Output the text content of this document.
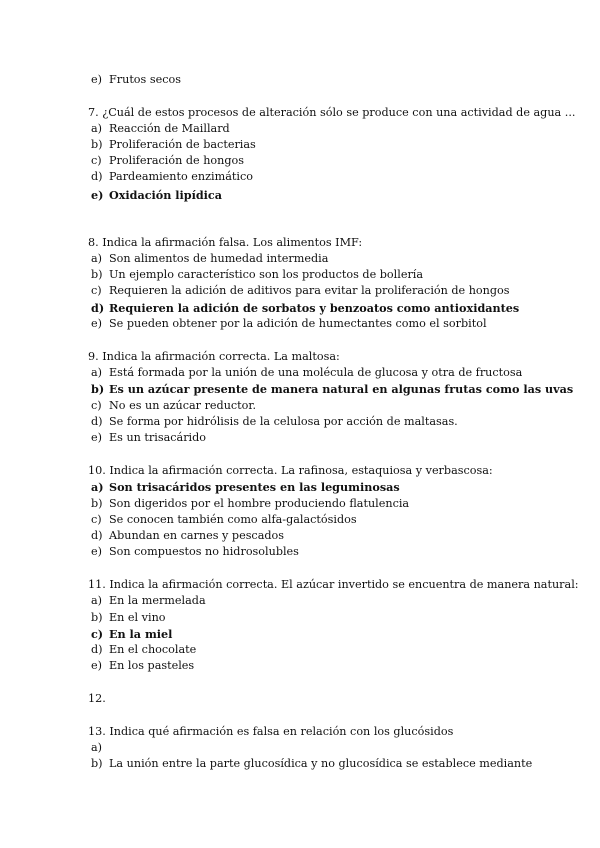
e) Frutos secos
7. ¿Cuál de estos procesos de alteración sólo se produce con una actividad de agua ...
a) Reacción de Maillard
b) Proliferación de bacterias
c) Proliferación de hongos
d) Pardeamiento enzimático
e) Oxidación lipídica
8. Indica la afirmación falsa. Los alimentos IMF:
a) Son alimentos de humedad intermedia
b) Un ejemplo característico son los productos de bollería
c) Requieren la adición de aditivos para evitar la proliferación de hongos
d) Requieren la adición de sorbatos y benzoatos como antioxidantes
e) Se pueden obtener por la adición de humectantes como el sorbitol
9. Indica la afirmación correcta. La maltosa:
a) Está formada por la unión de una molécula de glucosa y otra de fructosa
b) Es un azúcar presente de manera natural en algunas frutas como las uvas
c) No es un azúcar reductor.
d) Se forma por hidrólisis de la celulosa por acción de maltasas.
e) Es un trisacárido
10. Indica la afirmación correcta. La rafinosa, estaquiosa y verbascosa:
a) Son trisacáridos presentes en las leguminosas
b) Son digeridos por el hombre produciendo flatulencia
c) Se conocen también como alfa-galactósidos
d) Abundan en carnes y pescados
e) Son compuestos no hidrosolubles
11. Indica la afirmación correcta. El azúcar invertido se encuentra de manera natural:
a) En la mermelada
b) En el vino
c) En la miel
d) En el chocolate
e) En los pasteles
12.
13. Indica qué afirmación es falsa en relación con los glucósidos
a)
b) La unión entre la parte glucosídica y no glucosídica se establece mediante
